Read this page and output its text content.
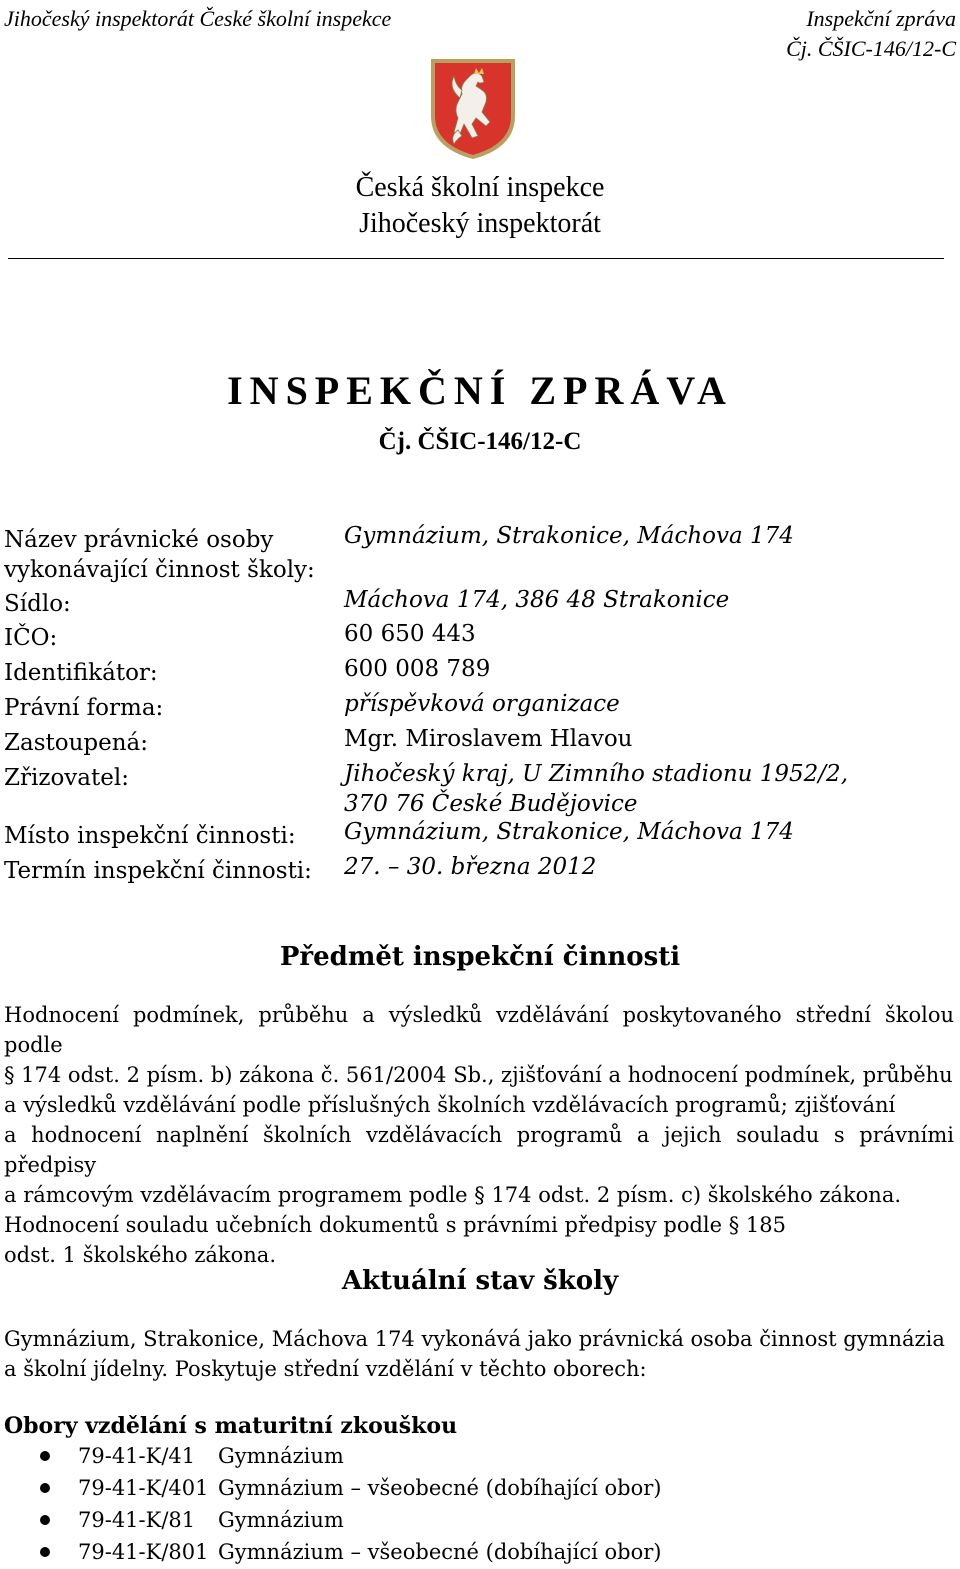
Jihočeský inspektorát České školní inspekce	Inspekční zpráva
Čj. ČŠIC-146/12-C
Česká školní inspekce
Jihočeský inspektorát
INSPEKČNÍ ZPRÁVA
Čj. ČŠIC-146/12-C
Název právnické osoby
vykonávající činnost školy:
Gymnázium, Strakonice, Máchova 174
Sídlo:	Máchova 174, 386 48 Strakonice
IČO:	60 650 443
Identifikátor:	600 008 789
Právní forma:	příspěvková organizace
Zastoupená:	Mgr. Miroslavem Hlavou
Zřizovatel:	Jihočeský kraj, U Zimního stadionu 1952/2,
370 76 České Budějovice
Místo inspekční činnosti: Gymnázium, Strakonice, Máchova 174
Termín inspekční činnosti: 27. – 30. března 2012
Předmět inspekční činnosti
Hodnocení podmínek, průběhu a výsledků vzdělávání poskytovaného střední školou podle
§ 174 odst. 2 písm. b) zákona č. 561/2004 Sb., zjišťování a hodnocení podmínek, průběhu
a výsledků vzdělávání podle příslušných školních vzdělávacích programů; zjišťování
a hodnocení naplnění školních vzdělávacích programů a jejich souladu s právními předpisy
a rámcovým vzdělávacím programem podle § 174 odst. 2 písm. c) školského zákona.
Hodnocení souladu učebních dokumentů s právními předpisy podle § 185
odst. 1 školského zákona.
Aktuální stav školy
Gymnázium, Strakonice, Máchova 174 vykonává jako právnická osoba činnost gymnázia
a školní jídelny. Poskytuje střední vzdělání v těchto oborech:
Obory vzdělání s maturitní zkouškou
79-41-K/41 Gymnázium
79-41-K/401 Gymnázium – všeobecné (dobíhající obor)
79-41-K/81 Gymnázium
79-41-K/801 Gymnázium – všeobecné (dobíhající obor)
